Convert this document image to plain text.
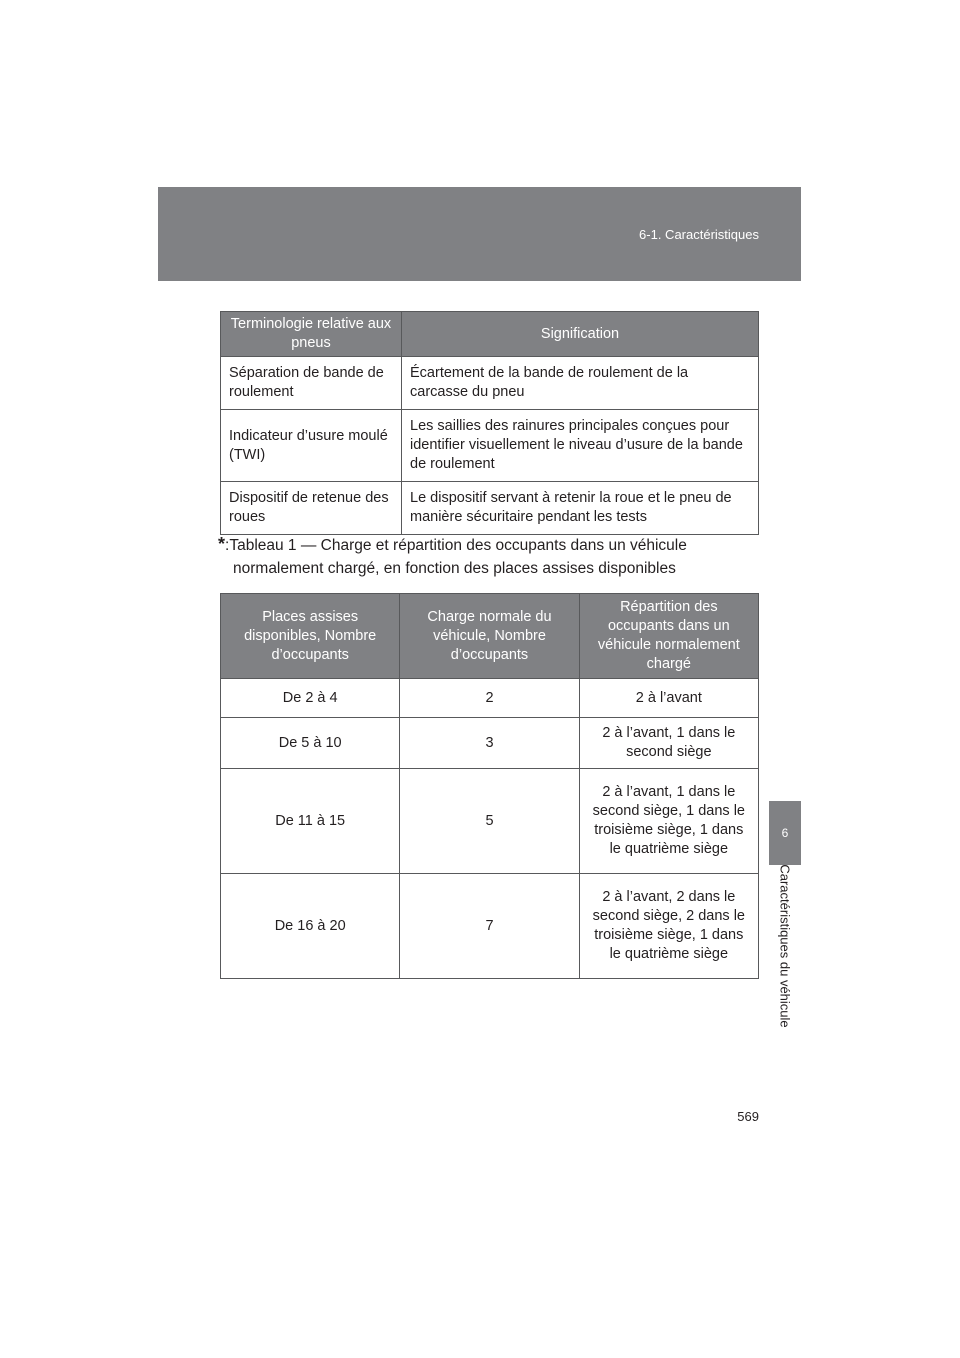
6-1. Caractéristiques
6
Caractéristiques du véhicule
Terminologie relative aux pneus	Signification
Séparation de bande de roulement	Écartement de la bande de roulement de la carcasse du pneu
Indicateur d’usure moulé (TWI)	Les saillies des rainures principales conçues pour identifier visuellement le niveau d’usure de la bande de roulement
Dispositif de retenue des roues	Le dispositif servant à retenir la roue et le pneu de manière sécuritaire pendant les tests
*:Tableau 1 — Charge et répartition des occupants dans un véhicule
normalement chargé, en fonction des places assises disponibles
Places assises disponibles, Nombre d’occupants	Charge normale du véhicule, Nombre d’occupants	Répartition des occupants dans un véhicule normalement chargé
De 2 à 4	2	2 à l’avant
De 5 à 10	3	2 à l’avant, 1 dans le second siège
De 11 à 15	5	2 à l’avant, 1 dans le second siège, 1 dans le troisième siège, 1 dans le quatrième siège
De 16 à 20	7	2 à l’avant, 2 dans le second siège, 2 dans le troisième siège, 1 dans le quatrième siège
569
